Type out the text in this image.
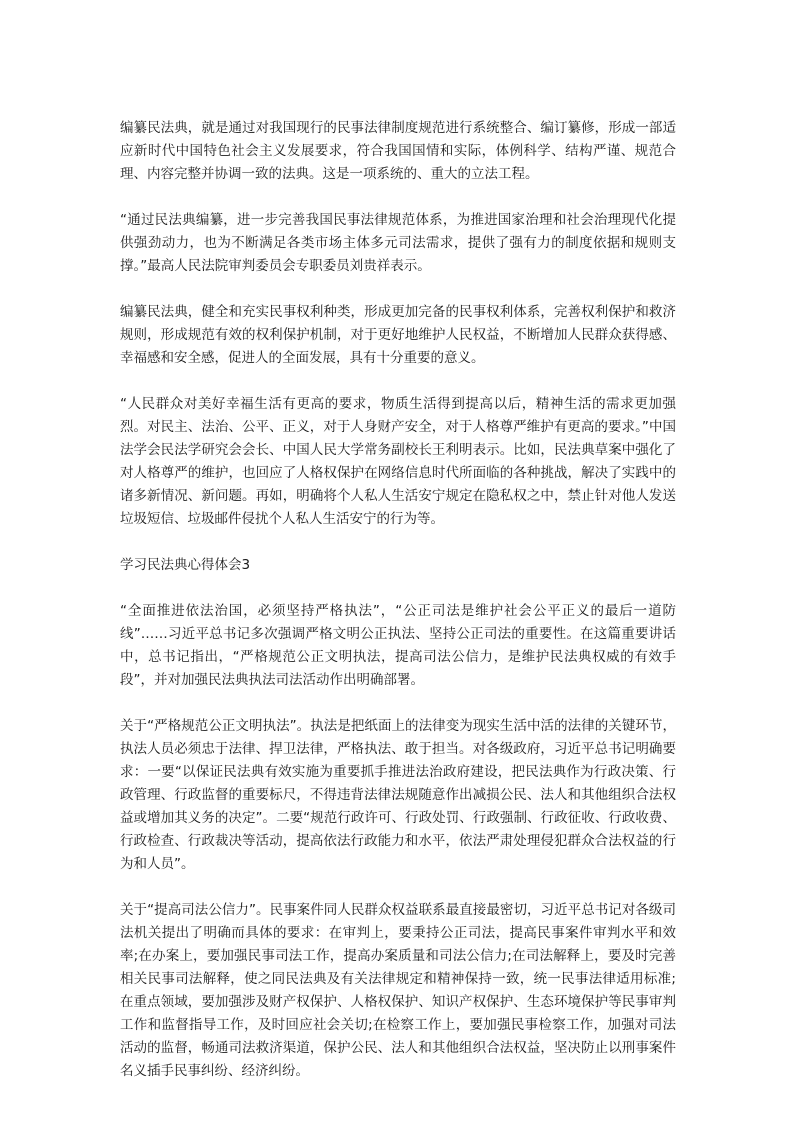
编纂民法典，就是通过对我国现行的民事法律制度规范进行系统整合、编订纂修，形成一部适应新时代中国特色社会主义发展要求，符合我国国情和实际，体例科学、结构严谨、规范合理、内容完整并协调一致的法典。这是一项系统的、重大的立法工程。

“通过民法典编纂，进一步完善我国民事法律规范体系，为推进国家治理和社会治理现代化提供强劲动力，也为不断满足各类市场主体多元司法需求，提供了强有力的制度依据和规则支撑。”最高人民法院审判委员会专职委员刘贵祥表示。

编纂民法典，健全和充实民事权利种类，形成更加完备的民事权利体系，完善权利保护和救济规则，形成规范有效的权利保护机制，对于更好地维护人民权益，不断增加人民群众获得感、幸福感和安全感，促进人的全面发展，具有十分重要的意义。

“人民群众对美好幸福生活有更高的要求，物质生活得到提高以后，精神生活的需求更加强烈。对民主、法治、公平、正义，对于人身财产安全，对于人格尊严维护有更高的要求。”中国法学会民法学研究会会长、中国人民大学常务副校长王利明表示。比如，民法典草案中强化了对人格尊严的维护，也回应了人格权保护在网络信息时代所面临的各种挑战，解决了实践中的诸多新情况、新问题。再如，明确将个人私人生活安宁规定在隐私权之中，禁止针对他人发送垃圾短信、垃圾邮件侵扰个人私人生活安宁的行为等。

学习民法典心得体会3

“全面推进依法治国，必须坚持严格执法”，“公正司法是维护社会公平正义的最后一道防线”……习近平总书记多次强调严格文明公正执法、坚持公正司法的重要性。在这篇重要讲话中，总书记指出，“严格规范公正文明执法，提高司法公信力，是维护民法典权威的有效手段”，并对加强民法典执法司法活动作出明确部署。

关于“严格规范公正文明执法”。执法是把纸面上的法律变为现实生活中活的法律的关键环节，执法人员必须忠于法律、捍卫法律，严格执法、敢于担当。对各级政府，习近平总书记明确要求：一要“以保证民法典有效实施为重要抓手推进法治政府建设，把民法典作为行政决策、行政管理、行政监督的重要标尺，不得违背法律法规随意作出减损公民、法人和其他组织合法权益或增加其义务的决定”。二要“规范行政许可、行政处罚、行政强制、行政征收、行政收费、行政检查、行政裁决等活动，提高依法行政能力和水平，依法严肃处理侵犯群众合法权益的行为和人员”。

关于“提高司法公信力”。民事案件同人民群众权益联系最直接最密切，习近平总书记对各级司法机关提出了明确而具体的要求：在审判上，要秉持公正司法，提高民事案件审判水平和效率;在办案上，要加强民事司法工作，提高办案质量和司法公信力;在司法解释上，要及时完善相关民事司法解释，使之同民法典及有关法律规定和精神保持一致，统一民事法律适用标准;在重点领域，要加强涉及财产权保护、人格权保护、知识产权保护、生态环境保护等民事审判工作和监督指导工作，及时回应社会关切;在检察工作上，要加强民事检察工作，加强对司法活动的监督，畅通司法救济渠道，保护公民、法人和其他组织合法权益，坚决防止以刑事案件名义插手民事纠纷、经济纠纷。
